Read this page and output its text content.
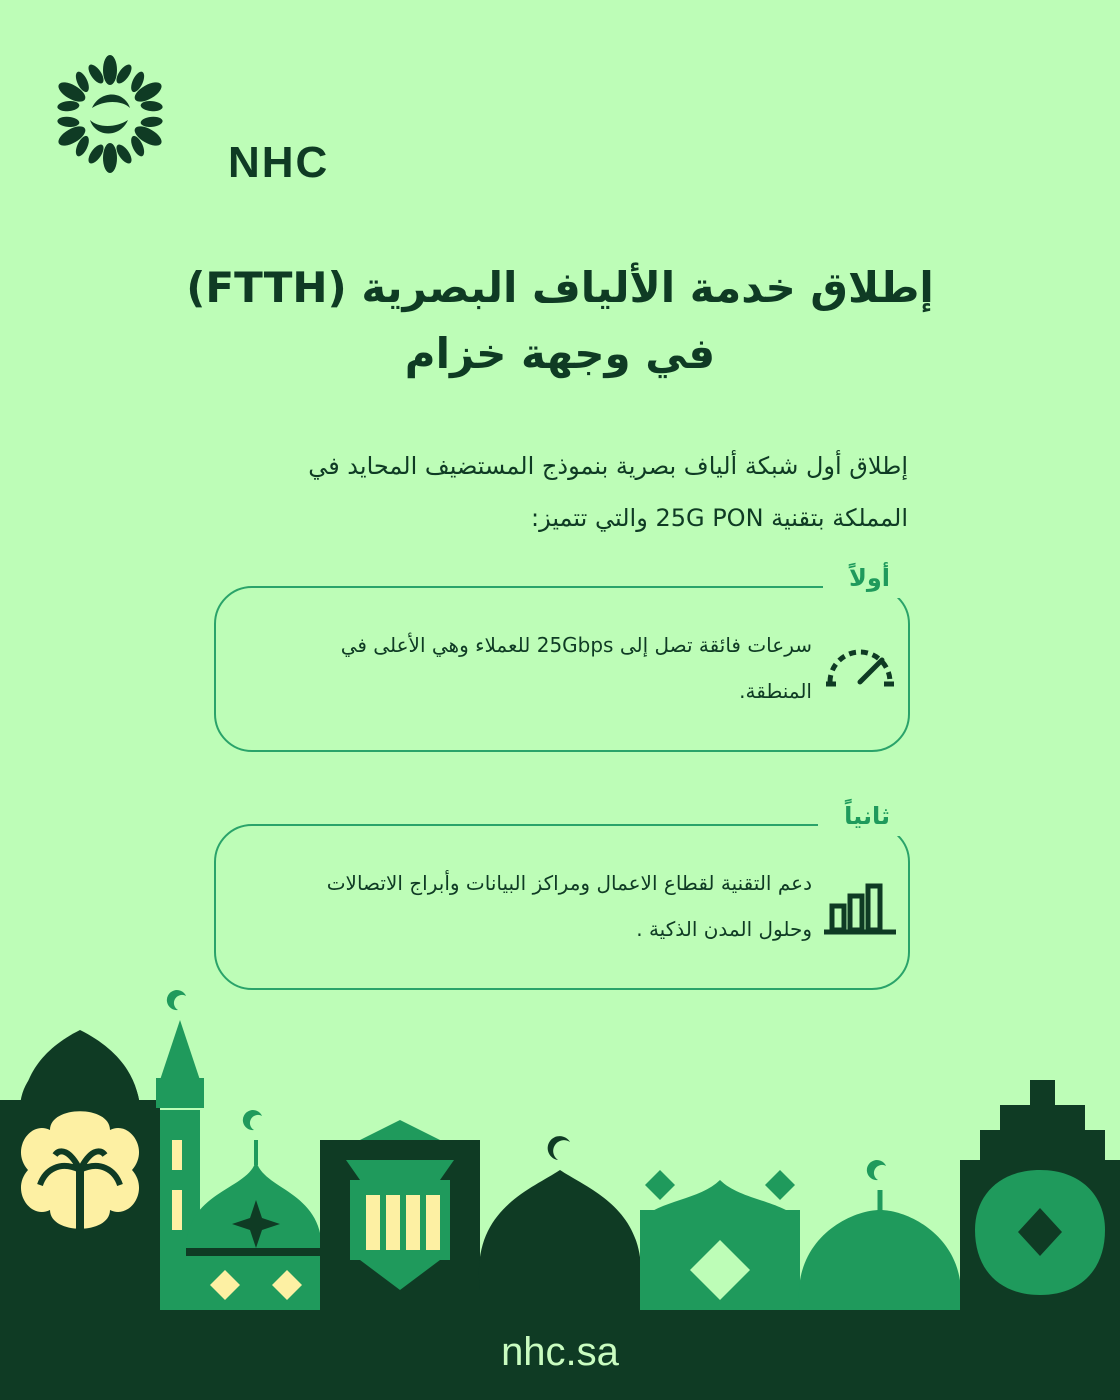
NHC
إطلاق خدمة الألياف البصرية (FTTH)
في وجهة خزام
إطلاق أول شبكة ألياف بصرية بنموذج المستضيف المحايد في
المملكة بتقنية 25G PON والتي تتميز:
أولاً
سرعات فائقة تصل إلى 25Gbps للعملاء وهي الأعلى في
المنطقة.
ثانياً
دعم التقنية لقطاع الاعمال ومراكز البيانات وأبراج الاتصالات
وحلول المدن الذكية .
nhc.sa
